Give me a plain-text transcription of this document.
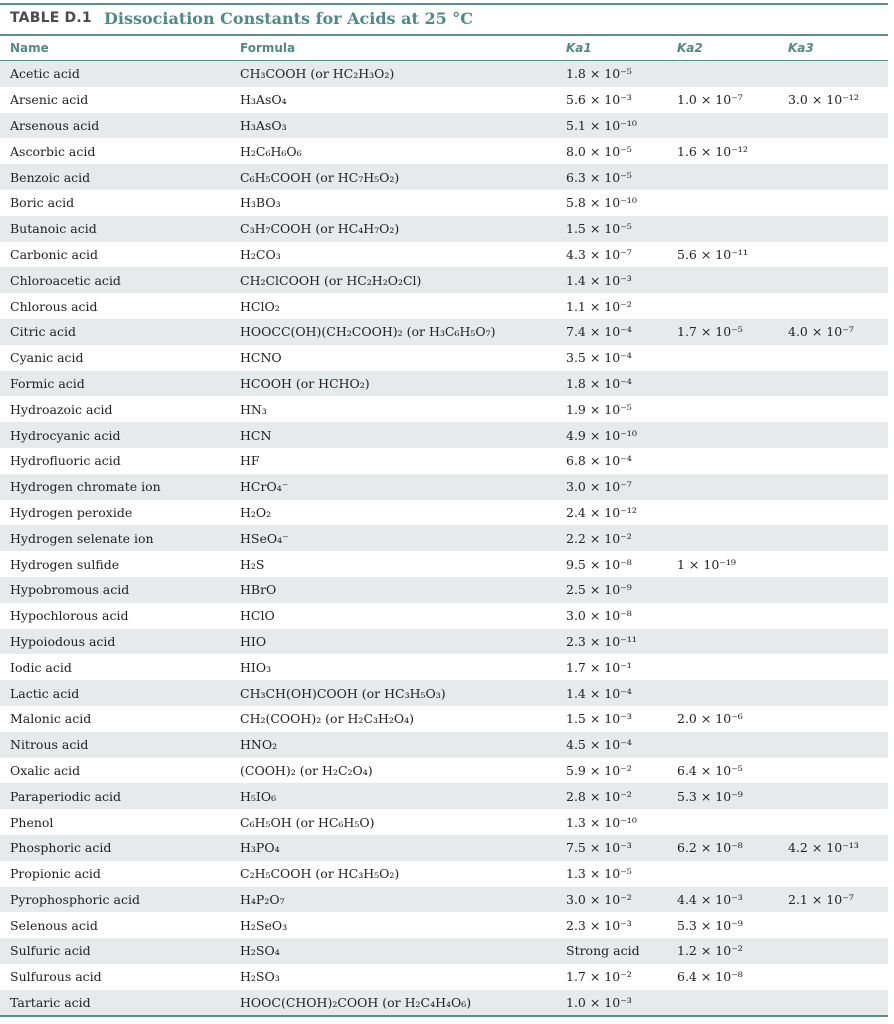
TABLE D.1 Dissociation Constants for Acids at 25 °C
Name	Formula	Ka1	Ka2	Ka3
Acetic acid	CH₃COOH (or HC₂H₃O₂)	1.8 × 10⁻⁵		
Arsenic acid	H₃AsO₄	5.6 × 10⁻³	1.0 × 10⁻⁷	3.0 × 10⁻¹²
Arsenous acid	H₃AsO₃	5.1 × 10⁻¹⁰		
Ascorbic acid	H₂C₆H₆O₆	8.0 × 10⁻⁵	1.6 × 10⁻¹²	
Benzoic acid	C₆H₅COOH (or HC₇H₅O₂)	6.3 × 10⁻⁵		
Boric acid	H₃BO₃	5.8 × 10⁻¹⁰		
Butanoic acid	C₃H₇COOH (or HC₄H₇O₂)	1.5 × 10⁻⁵		
Carbonic acid	H₂CO₃	4.3 × 10⁻⁷	5.6 × 10⁻¹¹	
Chloroacetic acid	CH₂ClCOOH (or HC₂H₂O₂Cl)	1.4 × 10⁻³		
Chlorous acid	HClO₂	1.1 × 10⁻²		
Citric acid	HOOCC(OH)(CH₂COOH)₂ (or H₃C₆H₅O₇)	7.4 × 10⁻⁴	1.7 × 10⁻⁵	4.0 × 10⁻⁷
Cyanic acid	HCNO	3.5 × 10⁻⁴		
Formic acid	HCOOH (or HCHO₂)	1.8 × 10⁻⁴		
Hydroazoic acid	HN₃	1.9 × 10⁻⁵		
Hydrocyanic acid	HCN	4.9 × 10⁻¹⁰		
Hydrofluoric acid	HF	6.8 × 10⁻⁴		
Hydrogen chromate ion	HCrO₄⁻	3.0 × 10⁻⁷		
Hydrogen peroxide	H₂O₂	2.4 × 10⁻¹²		
Hydrogen selenate ion	HSeO₄⁻	2.2 × 10⁻²		
Hydrogen sulfide	H₂S	9.5 × 10⁻⁸	1 × 10⁻¹⁹	
Hypobromous acid	HBrO	2.5 × 10⁻⁹		
Hypochlorous acid	HClO	3.0 × 10⁻⁸		
Hypoiodous acid	HIO	2.3 × 10⁻¹¹		
Iodic acid	HIO₃	1.7 × 10⁻¹		
Lactic acid	CH₃CH(OH)COOH (or HC₃H₅O₃)	1.4 × 10⁻⁴		
Malonic acid	CH₂(COOH)₂ (or H₂C₃H₂O₄)	1.5 × 10⁻³	2.0 × 10⁻⁶	
Nitrous acid	HNO₂	4.5 × 10⁻⁴		
Oxalic acid	(COOH)₂ (or H₂C₂O₄)	5.9 × 10⁻²	6.4 × 10⁻⁵	
Paraperiodic acid	H₅IO₆	2.8 × 10⁻²	5.3 × 10⁻⁹	
Phenol	C₆H₅OH (or HC₆H₅O)	1.3 × 10⁻¹⁰		
Phosphoric acid	H₃PO₄	7.5 × 10⁻³	6.2 × 10⁻⁸	4.2 × 10⁻¹³
Propionic acid	C₂H₅COOH (or HC₃H₅O₂)	1.3 × 10⁻⁵		
Pyrophosphoric acid	H₄P₂O₇	3.0 × 10⁻²	4.4 × 10⁻³	2.1 × 10⁻⁷
Selenous acid	H₂SeO₃	2.3 × 10⁻³	5.3 × 10⁻⁹	
Sulfuric acid	H₂SO₄	Strong acid	1.2 × 10⁻²	
Sulfurous acid	H₂SO₃	1.7 × 10⁻²	6.4 × 10⁻⁸	
Tartaric acid	HOOC(CHOH)₂COOH (or H₂C₄H₄O₆)	1.0 × 10⁻³		
